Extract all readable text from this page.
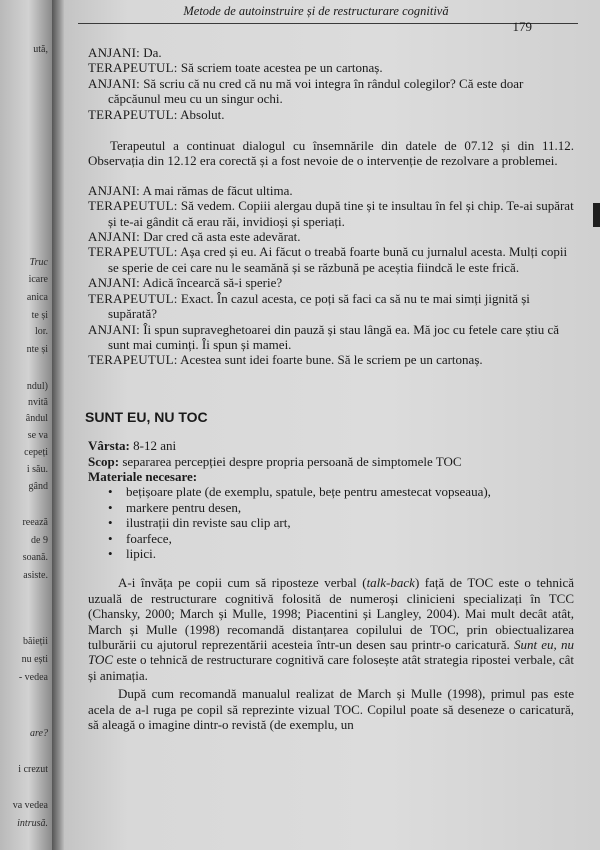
ută,
Truc
icare
anica
te și
lor.
nte și
ndul)
nvită
ândul
se va
cepeți
i său.
gând
reează
de 9
soană.
asiste.
băieții
nu ești
- vedea
are?
i crezut
va vedea
intrusă.
Metode de autoinstruire și de restructurare cognitivă
179

ANJANI: Da.

TERAPEUTUL: Să scriem toate acestea pe un cartonaș.

ANJANI: Să scriu că nu cred că nu mă voi integra în rândul colegilor? Că este doar căpcăunul meu cu un singur ochi.

TERAPEUTUL: Absolut.

Terapeutul a continuat dialogul cu însemnările din datele de 07.12 și din 11.12. Observația din 12.12 era corectă și a fost nevoie de o intervenție de rezolvare a problemei.

ANJANI: A mai rămas de făcut ultima.

TERAPEUTUL: Să vedem. Copiii alergau după tine și te insultau în fel și chip. Te-ai supărat și te-ai gândit că erau răi, invidioși și speriați.

ANJANI: Dar cred că asta este adevărat.

TERAPEUTUL: Așa cred și eu. Ai făcut o treabă foarte bună cu jurnalul acesta. Mulți copii se sperie de cei care nu le seamănă și se răzbună pe aceștia fiindcă le este frică.

ANJANI: Adică încearcă să-i sperie?

TERAPEUTUL: Exact. În cazul acesta, ce poți să faci ca să nu te mai simți jignită și supărată?

ANJANI: Îi spun supraveghetoarei din pauză și stau lângă ea. Mă joc cu fetele care știu că sunt mai cuminți. Îi spun și mamei.

TERAPEUTUL: Acestea sunt idei foarte bune. Să le scriem pe un cartonaș.

SUNT EU, NU TOC

Vârsta: 8-12 ani

Scop: separarea percepției despre propria persoană de simptomele TOC

Materiale necesare:

• bețișoare plate (de exemplu, spatule, bețe pentru amestecat vopseaua),
• markere pentru desen,
• ilustrații din reviste sau clip art,
• foarfece,
• lipici.

A-i învăța pe copii cum să riposteze verbal (talk-back) față de TOC este o tehnică uzuală de restructurare cognitivă folosită de numeroși clinicieni specializați în TCC (Chansky, 2000; March și Mulle, 1998; Piacentini și Langley, 2004). Mai mult decât atât, March și Mulle (1998) recomandă distanțarea copilului de TOC, prin obiectualizarea tulburării cu ajutorul reprezentării acesteia într-un desen sau printr-o caricatură. Sunt eu, nu TOC este o tehnică de restructurare cognitivă care folosește atât strategia ripostei verbale, cât și animația.

După cum recomandă manualul realizat de March și Mulle (1998), primul pas este acela de a-l ruga pe copil să reprezinte vizual TOC. Copilul poate să deseneze o caricatură, să aleagă o imagine dintr-o revistă (de exemplu, un
